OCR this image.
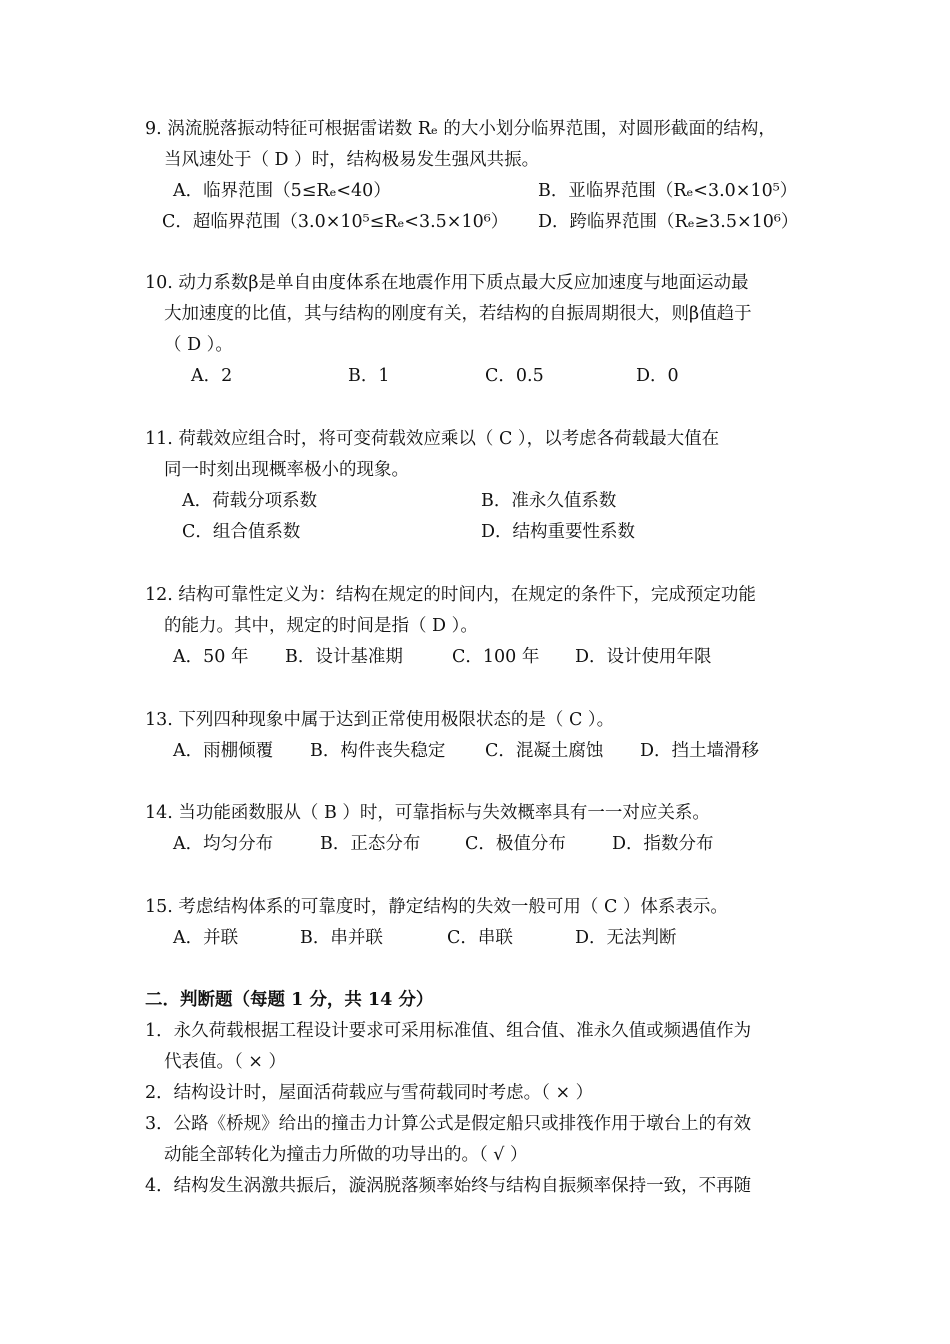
9. 涡流脱落振动特征可根据雷诺数 Rₑ 的大小划分临界范围，对圆形截面的结构，
当风速处于（ D ）时，结构极易发生强风共振。
A．临界范围（5≤Rₑ<40）	B．亚临界范围（Rₑ<3.0×10⁵）
C．超临界范围（3.0×10⁵≤Rₑ<3.5×10⁶） D．跨临界范围（Rₑ≥3.5×10⁶）
10. 动力系数β是单自由度体系在地震作用下质点最大反应加速度与地面运动最
大加速度的比值，其与结构的刚度有关，若结构的自振周期很大，则β值趋于
（ D ）。
A．2	B．1	C．0.5	D．0
11. 荷载效应组合时，将可变荷载效应乘以（ C ），以考虑各荷载最大值在
同一时刻出现概率极小的现象。
A．荷载分项系数	B．准永久值系数
C．组合值系数	D．结构重要性系数
12. 结构可靠性定义为：结构在规定的时间内，在规定的条件下，完成预定功能
的能力。其中，规定的时间是指（ D ）。
A．50 年 B．设计基准期	C．100 年 D．设计使用年限
13. 下列四种现象中属于达到正常使用极限状态的是（ C ）。
A．雨棚倾覆 B．构件丧失稳定 C．混凝土腐蚀 D．挡土墙滑移
14. 当功能函数服从（ B ）时，可靠指标与失效概率具有一一对应关系。
A．均匀分布	B．正态分布	C．极值分布	D．指数分布
15. 考虑结构体系的可靠度时，静定结构的失效一般可用（ C ）体系表示。
A．并联	B．串并联	C．串联	D．无法判断
二．判断题（每题 1 分，共 14 分）
1．永久荷载根据工程设计要求可采用标准值、组合值、准永久值或频遇值作为
代表值。（ × ）
2．结构设计时，屋面活荷载应与雪荷载同时考虑。（ × ）
3．公路《桥规》给出的撞击力计算公式是假定船只或排筏作用于墩台上的有效
动能全部转化为撞击力所做的功导出的。（ √ ）
4．结构发生涡激共振后，漩涡脱落频率始终与结构自振频率保持一致，不再随
